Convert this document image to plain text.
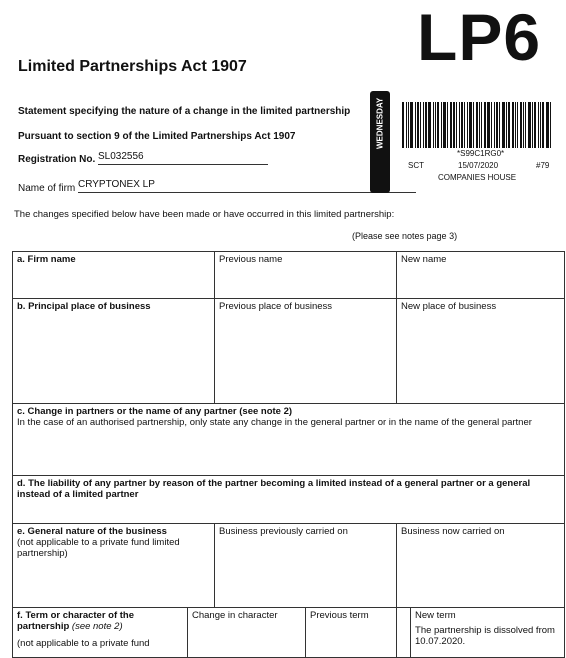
LP6
Limited Partnerships Act 1907
Statement specifying the nature of a change in the limited partnership
Pursuant to section 9 of the Limited Partnerships Act 1907
Registration No. SL032556
Name of firm CRYPTONEX LP
WEDNESDAY
*S99C1RG0*
SCT	15/07/2020	#79
COMPANIES HOUSE
The changes specified below have been made or have occurred in this limited partnership:
(Please see notes page 3)
a. Firm name		Previous name		New name	
b. Principal place of business		Previous place of business		New place of business	

c. Change in partners or the name of any partner (see note 2)
In the case of an authorised partnership, only state any change in the general partner or in the name of the general partner					

d. The liability of any partner by reason of the partner becoming a limited instead of a general partner or a general instead of a limited partner					

e. General nature of the business
(not applicable to a private fund limited partnership)		Business previously carried on		Business now carried on	

f. Term or character of the partnership (see note 2)
(not applicable to a private fund	Change in character		Previous term		New term
The partnership is dissolved from 10.07.2020.
